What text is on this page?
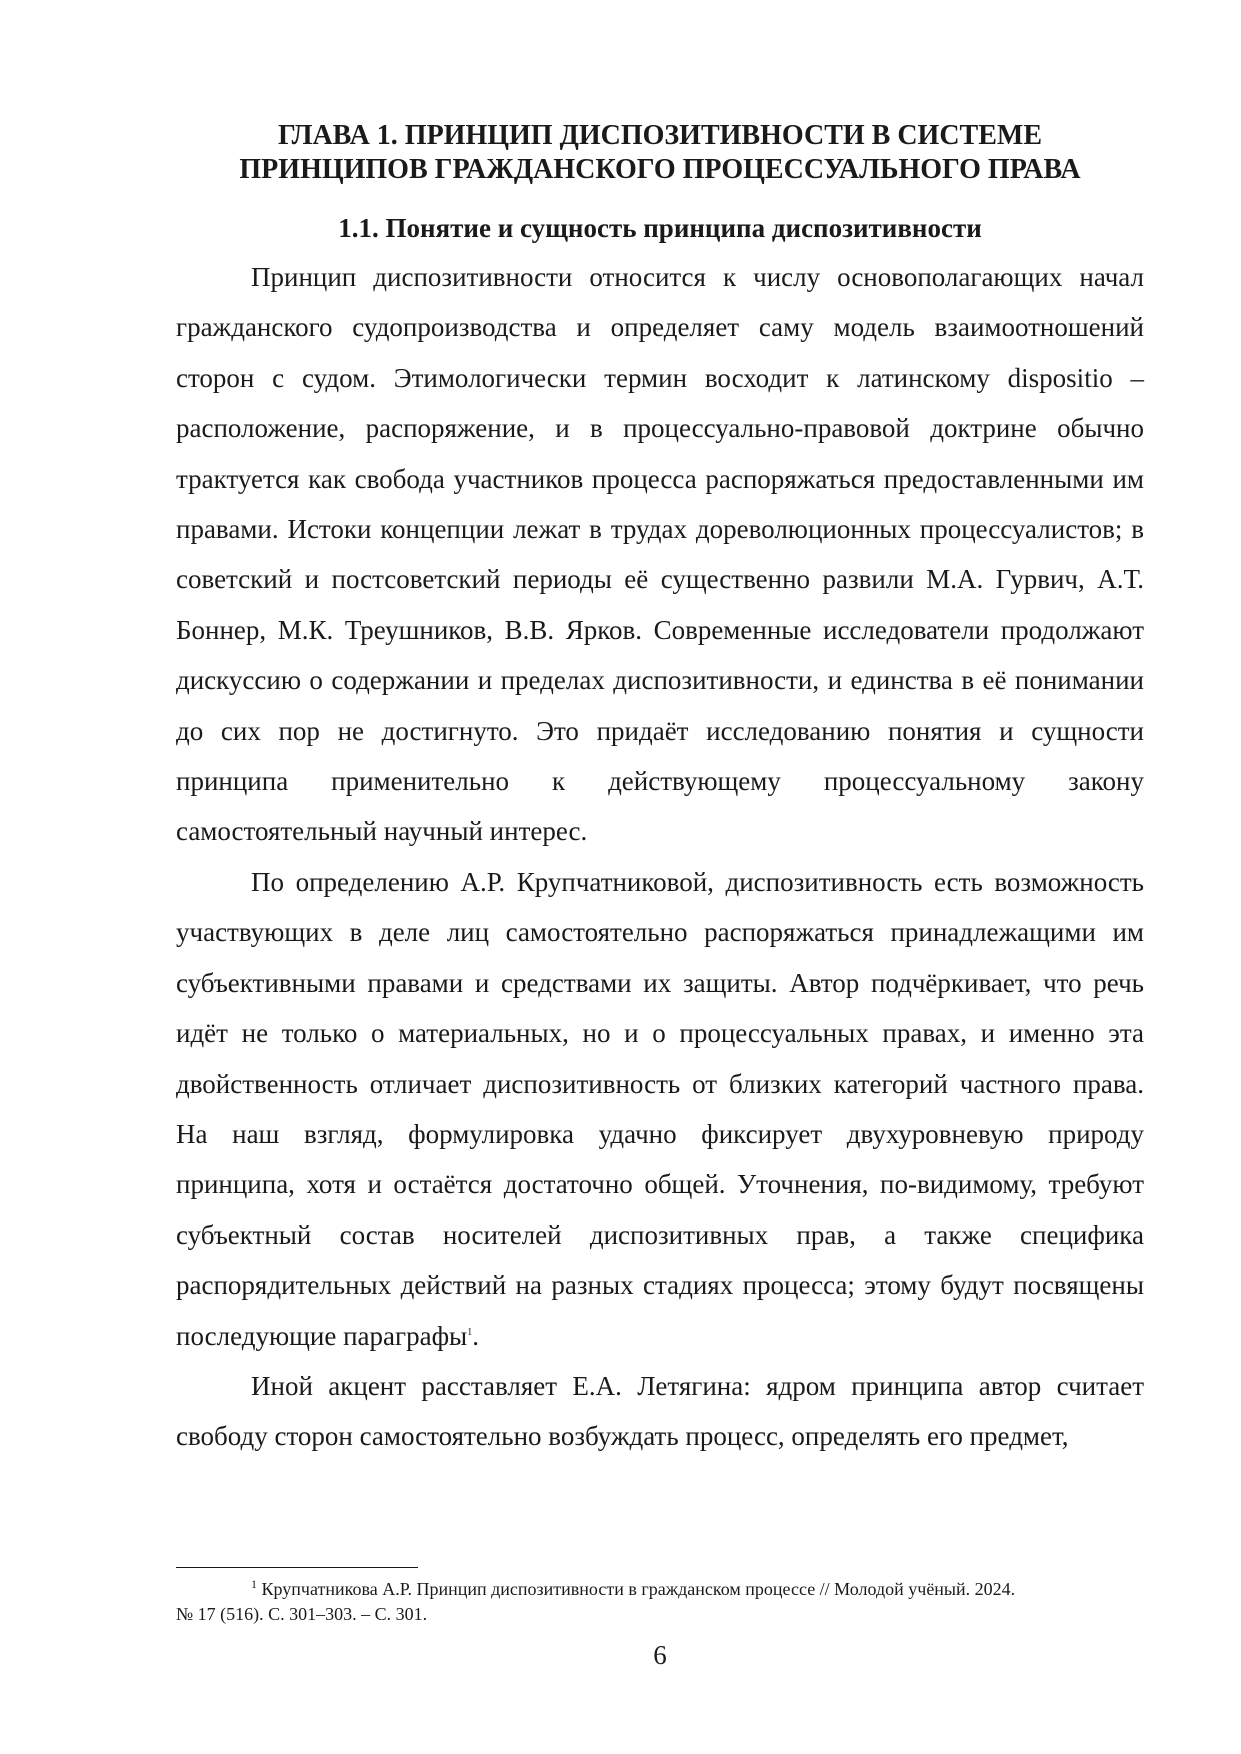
ГЛАВА 1. ПРИНЦИП ДИСПОЗИТИВНОСТИ В СИСТЕМЕ
ПРИНЦИПОВ ГРАЖДАНСКОГО ПРОЦЕССУАЛЬНОГО ПРАВА
1.1. Понятие и сущность принципа диспозитивности

Принцип диспозитивности относится к числу основополагающих начал гражданского судопроизводства и определяет саму модель взаимоотношений сторон с судом. Этимологически термин восходит к латинскому dispositio – расположение, распоряжение, и в процессуально-правовой доктрине обычно трактуется как свобода участников процесса распоряжаться предоставленными им правами. Истоки концепции лежат в трудах дореволюционных процессуалистов; в советский и постсоветский периоды её существенно развили М.А. Гурвич, А.Т. Боннер, М.К. Треушников, В.В. Ярков. Современные исследователи продолжают дискуссию о содержании и пределах диспозитивности, и единства в её понимании до сих пор не достигнуто. Это придаёт исследованию понятия и сущности принципа применительно к действующему процессуальному закону самостоятельный научный интерес.

По определению А.Р. Крупчатниковой, диспозитивность есть возможность участвующих в деле лиц самостоятельно распоряжаться принадлежащими им субъективными правами и средствами их защиты. Автор подчёркивает, что речь идёт не только о материальных, но и о процессуальных правах, и именно эта двойственность отличает диспозитивность от близких категорий частного права. На наш взгляд, формулировка удачно фиксирует двухуровневую природу принципа, хотя и остаётся достаточно общей. Уточнения, по-видимому, требуют субъектный состав носителей диспозитивных прав, а также специфика распорядительных действий на разных стадиях процесса; этому будут посвящены последующие параграфы$^1$.

Иной акцент расставляет Е.А. Летягина: ядром принципа автор считает свободу сторон самостоятельно возбуждать процесс, определять его предмет,

$^1$ Крупчатникова А.Р. Принцип диспозитивности в гражданском процессе // Молодой учёный. 2024.
№ 17 (516). С. 301–303. – С. 301.
6
